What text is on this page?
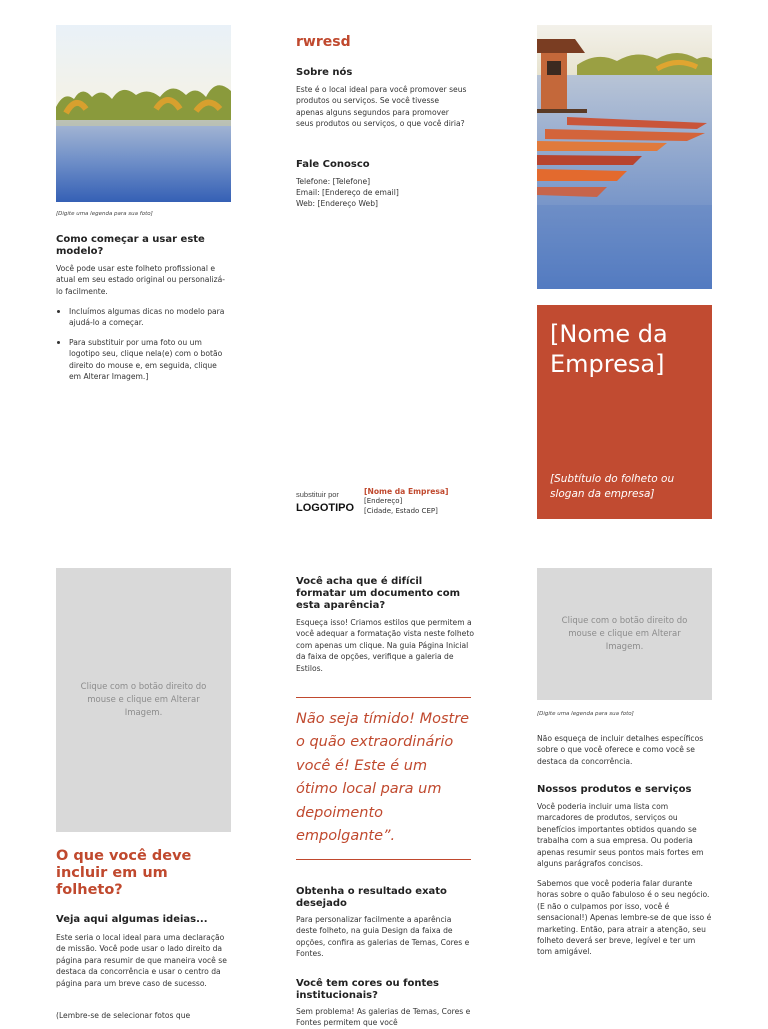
[Digite uma legenda para sua foto]
Como começar a usar este modelo?
Você pode usar este folheto profissional e atual em seu estado original ou personalizá-lo facilmente.
Incluímos algumas dicas no modelo para ajudá-lo a começar.
Para substituir por uma foto ou um logotipo seu, clique nela(e) com o botão direito do mouse e, em seguida, clique em Alterar Imagem.]
rwresd
Sobre nós
Este é o local ideal para você promover seus produtos ou serviços. Se você tivesse apenas alguns segundos para promover seus produtos ou serviços, o que você diria?
Fale Conosco
Telefone: [Telefone]
Email: [Endereço de email]
Web: [Endereço Web]
substituir por
LOGOTIPO
[Nome da Empresa]
[Endereço]
[Cidade, Estado CEP]
[Nome da Empresa]
[Subtítulo do folheto ou slogan da empresa]
Clique com o botão direito do mouse e clique em Alterar Imagem.
O que você deve incluir em um folheto?
Veja aqui algumas ideias...
Este seria o local ideal para uma declaração de missão. Você pode usar o lado direito da página para resumir de que maneira você se destaca da concorrência e usar o centro da página para um breve caso de sucesso.
(Lembre-se de selecionar fotos que
Você acha que é difícil formatar um documento com esta aparência?
Esqueça isso! Criamos estilos que permitem a você adequar a formatação vista neste folheto com apenas um clique. Na guia Página Inicial da faixa de opções, verifique a galeria de Estilos.
Não seja tímido! Mostre o quão extraordinário você é! Este é um ótimo local para um depoimento empolgante”.
Obtenha o resultado exato desejado
Para personalizar facilmente a aparência deste folheto, na guia Design da faixa de opções, confira as galerias de Temas, Cores e Fontes.
Você tem cores ou fontes institucionais?
Sem problema! As galerias de Temas, Cores e Fontes permitem que você
Clique com o botão direito do mouse e clique em Alterar Imagem.
[Digite uma legenda para sua foto]
Não esqueça de incluir detalhes específicos sobre o que você oferece e como você se destaca da concorrência.
Nossos produtos e serviços
Você poderia incluir uma lista com marcadores de produtos, serviços ou benefícios importantes obtidos quando se trabalha com a sua empresa. Ou poderia apenas resumir seus pontos mais fortes em alguns parágrafos concisos.
Sabemos que você poderia falar durante horas sobre o quão fabuloso é o seu negócio. (E não o culpamos por isso, você é sensacional!) Apenas lembre-se de que isso é marketing. Então, para atrair a atenção, seu folheto deverá ser breve, legível e ter um tom amigável.
